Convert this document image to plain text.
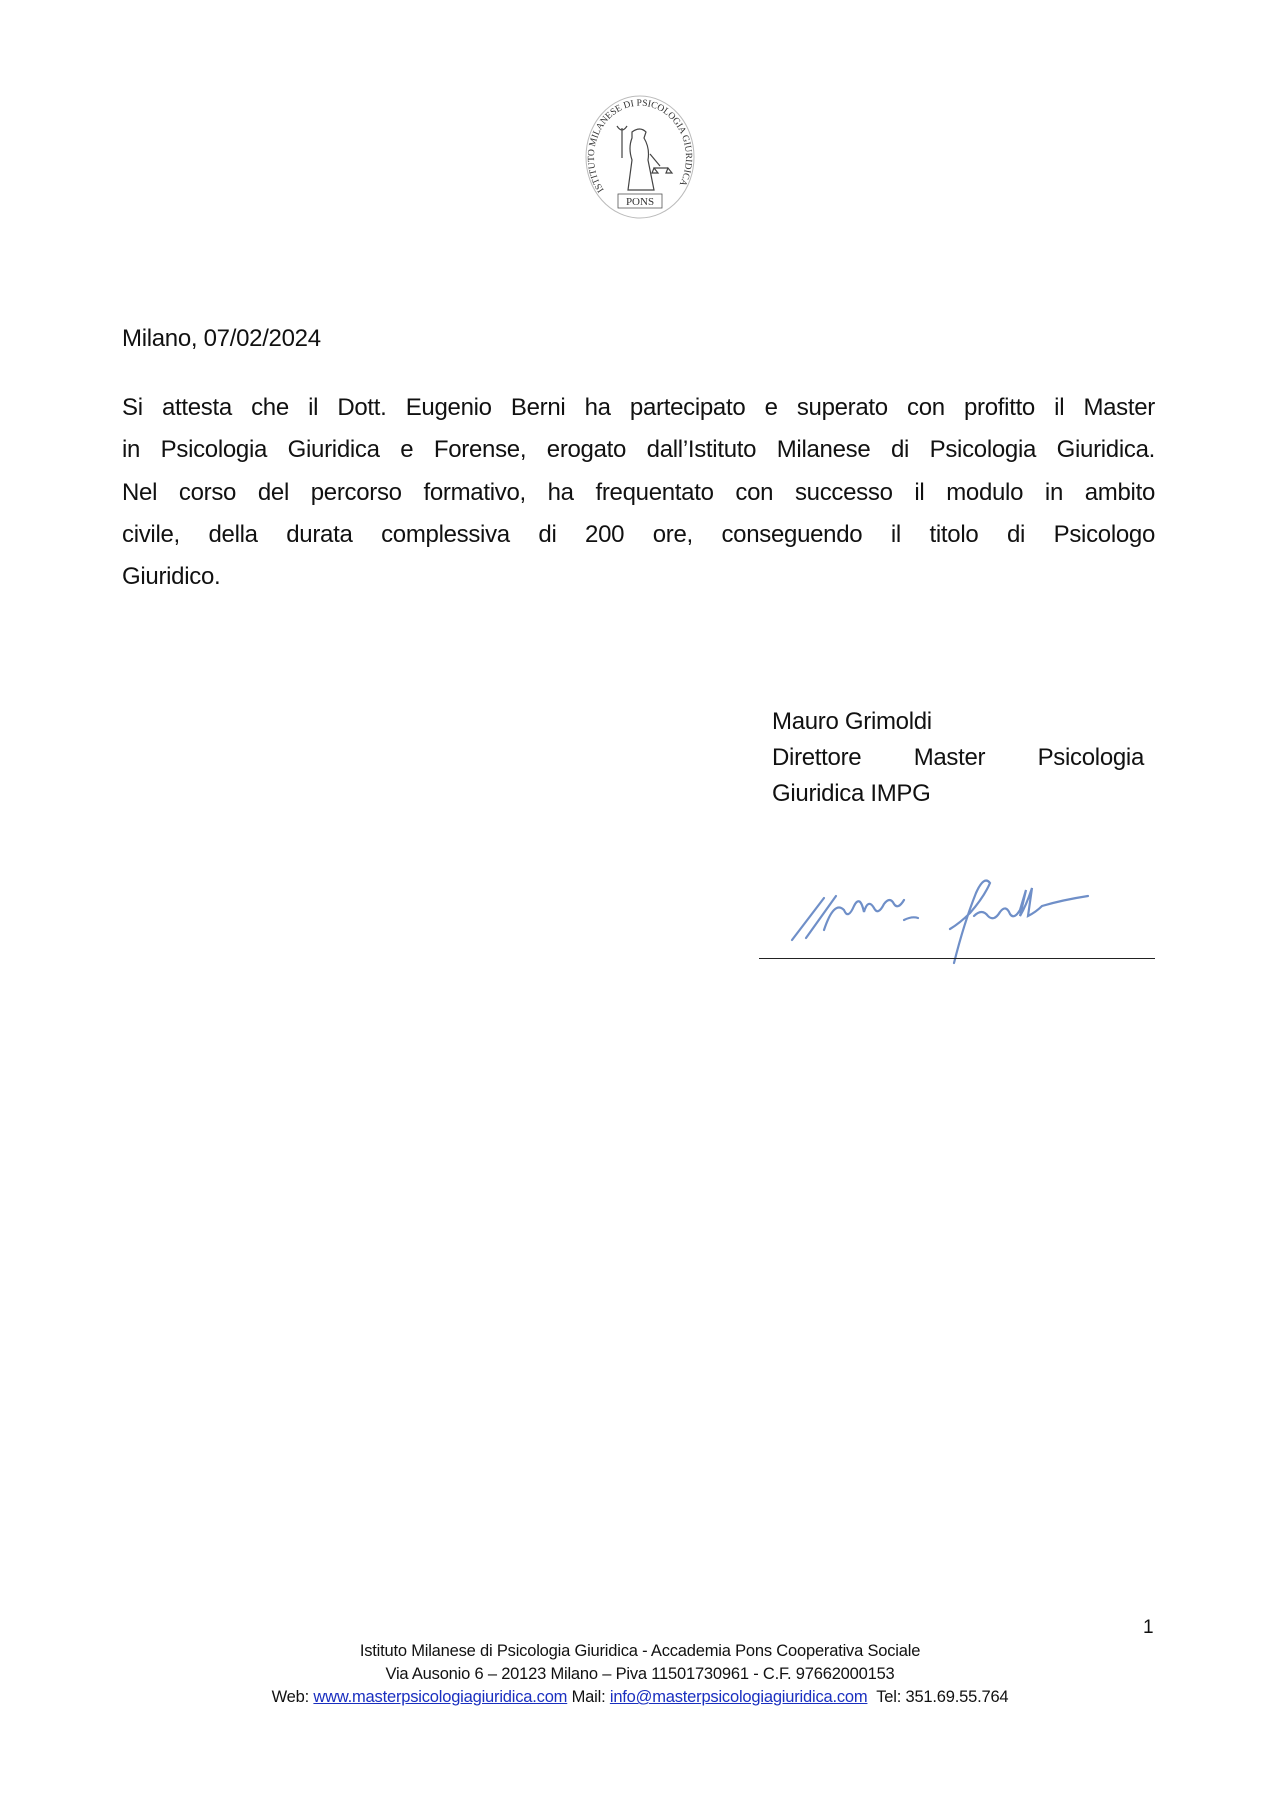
ISTITUTO MILANESE DI PSICOLOGIA GIURIDICA
PONS
Milano, 07/02/2024
Si attesta che il Dott. Eugenio Berni ha partecipato e superato con profitto il Master
in Psicologia Giuridica e Forense, erogato dall’Istituto Milanese di Psicologia Giuridica.
Nel corso del percorso formativo, ha frequentato con successo il modulo in ambito
civile, della durata complessiva di 200 ore, conseguendo il titolo di Psicologo
Giuridico.
Mauro Grimoldi
Direttore Master Psicologia
Giuridica IMPG
1
Istituto Milanese di Psicologia Giuridica - Accademia Pons Cooperativa Sociale
Via Ausonio 6 – 20123 Milano – Piva 11501730961 - C.F. 97662000153
Web: www.masterpsicologiagiuridica.com Mail: info@masterpsicologiagiuridica.com Tel: 351.69.55.764
